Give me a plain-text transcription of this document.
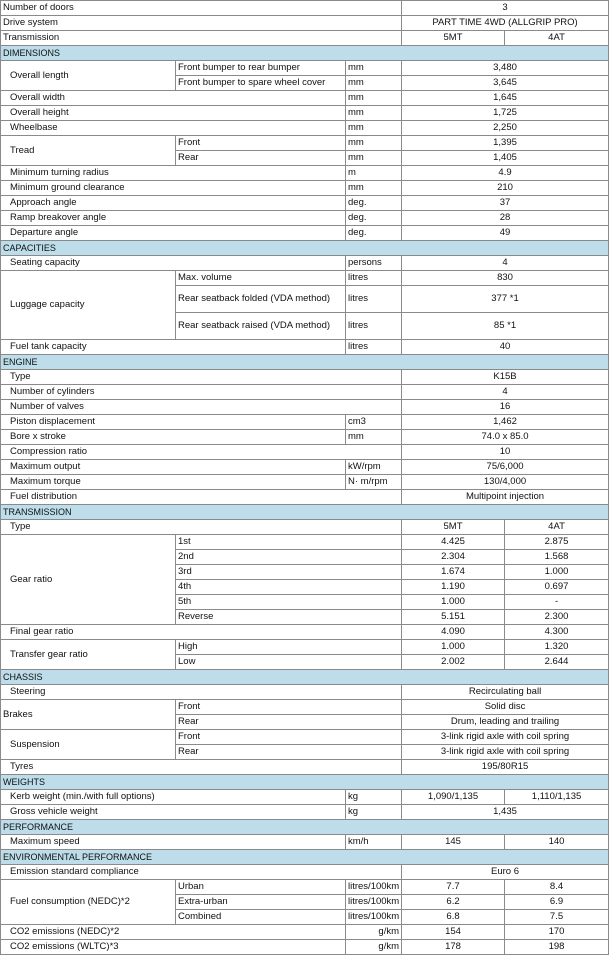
Number of doors			3	
Drive system			PART TIME 4WD (ALLGRIP PRO)	
Transmission			5MT	4AT
DIMENSIONS				
Overall length	Front bumper to rear bumper	mm	3,480	
	Front bumper to spare wheel cover	mm	3,645	
Overall width		mm	1,645	
Overall height		mm	1,725	
Wheelbase		mm	2,250	
Tread	Front	mm	1,395	
	Rear	mm	1,405	
Minimum turning radius		m	4.9	
Minimum ground clearance		mm	210	
Approach angle		deg.	37	
Ramp breakover angle		deg.	28	
Departure angle		deg.	49	
CAPACITIES				
Seating capacity		persons	4	
Luggage capacity	Max. volume	litres	830	
	Rear seatback folded (VDA method)	litres	377 *1	
	Rear seatback raised (VDA method)	litres	85 *1	
Fuel tank capacity		litres	40	
ENGINE				
Type			K15B	
Number of cylinders			4	
Number of valves			16	
Piston displacement		cm3	1,462	
Bore x stroke		mm	74.0 x 85.0	
Compression ratio			10	
Maximum output		kW/rpm	75/6,000	
Maximum torque		N· m/rpm	130/4,000	
Fuel distribution			Multipoint injection	
TRANSMISSION				
Type			5MT	4AT
Gear ratio	1st		4.425	2.875
	2nd		2.304	1.568
	3rd		1.674	1.000
	4th		1.190	0.697
	5th		1.000	-
	Reverse		5.151	2.300
Final gear ratio			4.090	4.300
Transfer gear ratio	High		1.000	1.320
	Low		2.002	2.644
CHASSIS				
Steering			Recirculating ball	
Brakes	Front		Solid disc	
	Rear		Drum, leading and trailing	
Suspension	Front		3-link rigid axle with coil spring	
	Rear		3-link rigid axle with coil spring	
Tyres			195/80R15	
WEIGHTS				
Kerb weight (min./with full options)		kg	1,090/1,135	1,110/1,135
Gross vehicle weight		kg	1,435	
PERFORMANCE				
Maximum speed		km/h	145	140
ENVIRONMENTAL PERFORMANCE				
Emission standard compliance			Euro 6	
Fuel consumption (NEDC)*2	Urban	litres/100km	7.7	8.4
	Extra-urban	litres/100km	6.2	6.9
	Combined	litres/100km	6.8	7.5
CO2 emissions (NEDC)*2		g/km	154	170
CO2 emissions (WLTC)*3		g/km	178	198
